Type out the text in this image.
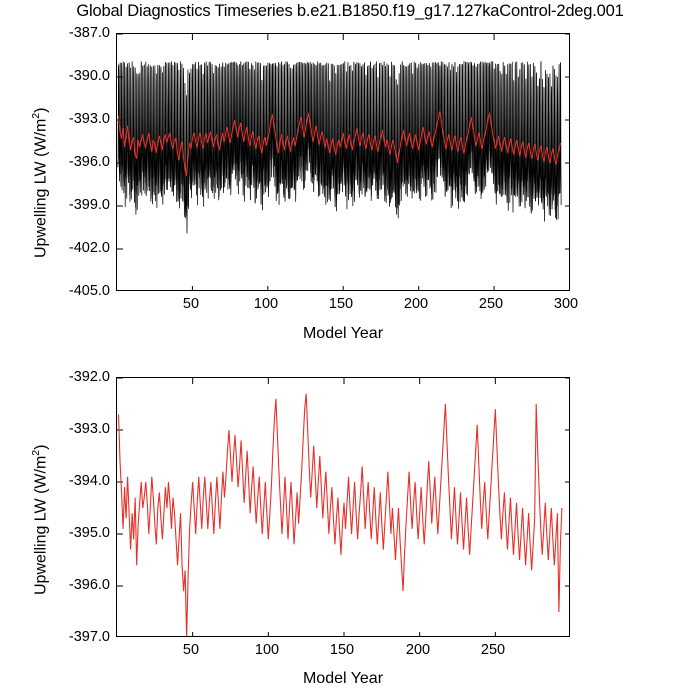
Global Diagnostics Timeseries b.e21.B1850.f19_g17.127kaControl-2deg.001
Upwelling LW $(W/m^2)$
-387.0
-390.0
-393.0
-396.0
-399.0
-402.0
-405.0
50	100	150	200	250	300
Model Year
Upwelling LW $(W/m^2)$
-392.0
-393.0
-394.0
-395.0
-396.0
-397.0
50	100	150	200	250
Model Year
